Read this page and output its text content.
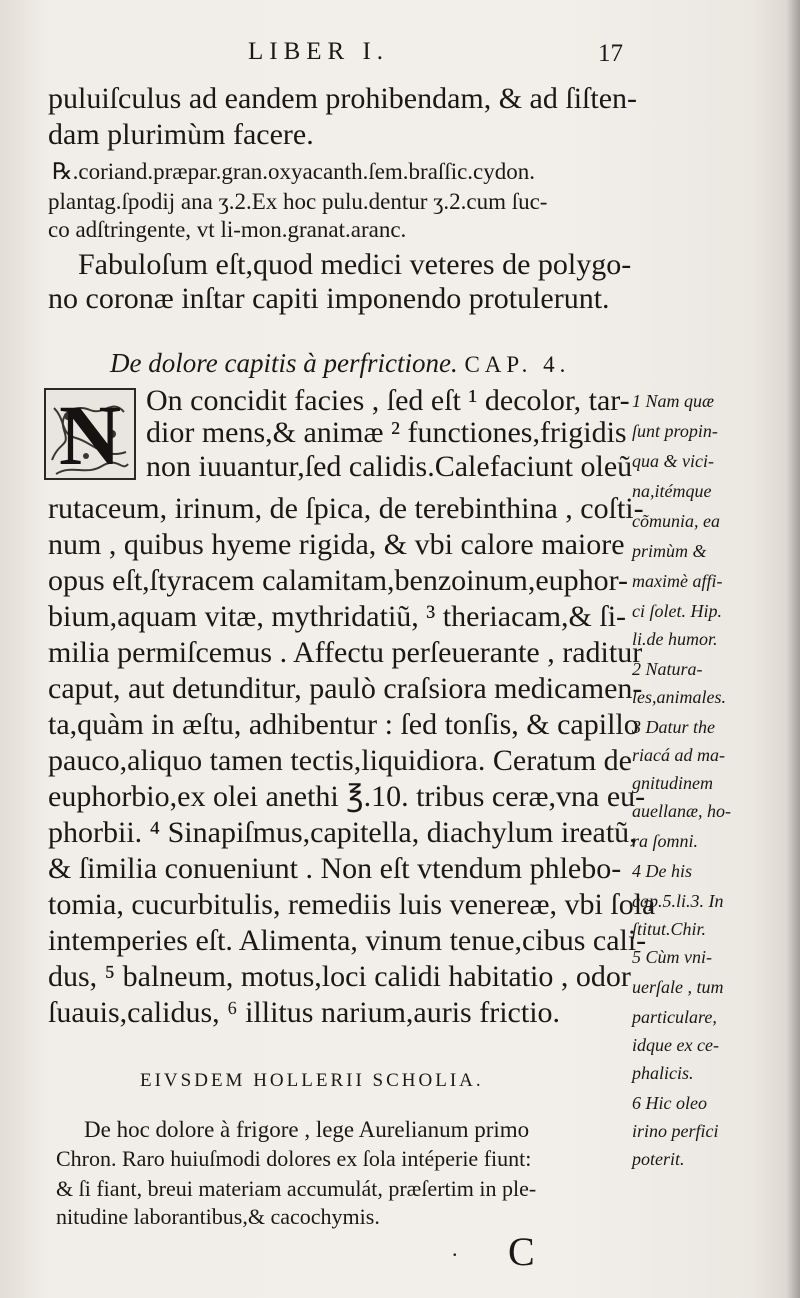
LIBER I.	17
puluiſculus ad eandem prohibendam, & ad ſiſten-
dam plurimùm facere.
℞.coriand.præpar.gran.oxyacanth.ſem.braſſic.cydon.
plantag.ſpodij ana ʒ.2.Ex hoc pulu.dentur ʒ.2.cum ſuc-
co adſtringente, vt li-mon.granat.aranc.
Fabuloſum eſt,quod medici veteres de polygo-
no coronæ inſtar capiti imponendo protulerunt.
De dolore capitis à perfrictione. CAP. 4.
N On concidit facies , ſed eſt ¹ decolor, tar-
dior mens,& animæ ² functiones,frigidis
non iuuantur,ſed calidis.Calefaciunt oleũ
rutaceum, irinum, de ſpica, de terebinthina , coſti-
num , quibus hyeme rigida, & vbi calore maiore
opus eſt,ſtyracem calamitam,benzoinum,euphor-
bium,aquam vitæ, mythridatiũ, ³ theriacam,& ſi-
milia permiſcemus . Affectu perſeuerante , raditur
caput, aut detunditur, paulò craſsiora medicamen-
ta,quàm in æſtu, adhibentur : ſed tonſis, & capillo
pauco,aliquo tamen tectis,liquidiora. Ceratum de
euphorbio,ex olei anethi ℥.10. tribus ceræ,vna eu-
phorbii. ⁴ Sinapiſmus,capitella, diachylum ireatũ,
& ſimilia conueniunt . Non eſt vtendum phlebo-
tomia, cucurbitulis, remediis luis venereæ, vbi ſola
intemperies eſt. Alimenta, vinum tenue,cibus cali-
dus, ⁵ balneum, motus,loci calidi habitatio , odor
ſuauis,calidus, ⁶ illitus narium,auris frictio.
1 Nam quæ
ſunt propin-
qua & vici-
na,itémque
cõmunia, ea
primùm &
maximè affi-
ci ſolet. Hip.
li.de humor.
2 Natura-
les,animales.
3 Datur the
riacá ad ma-
gnitudinem
auellanæ, ho-
ra ſomni.
4 De his
cap.5.li.3. In
ſtitut.Chir.
5 Cùm vni-
uerſale , tum
particulare,
idque ex ce-
phalicis.
6 Hic oleo
irino perfici
poterit.
EIVSDEM HOLLERII SCHOLIA.
De hoc dolore à frigore , lege Aurelianum primo
Chron. Raro huiuſmodi dolores ex ſola intéperie fiunt:
& ſi fiant, breui materiam accumulát, præſertim in ple-
nitudine laborantibus,& cacochymis.
. C
